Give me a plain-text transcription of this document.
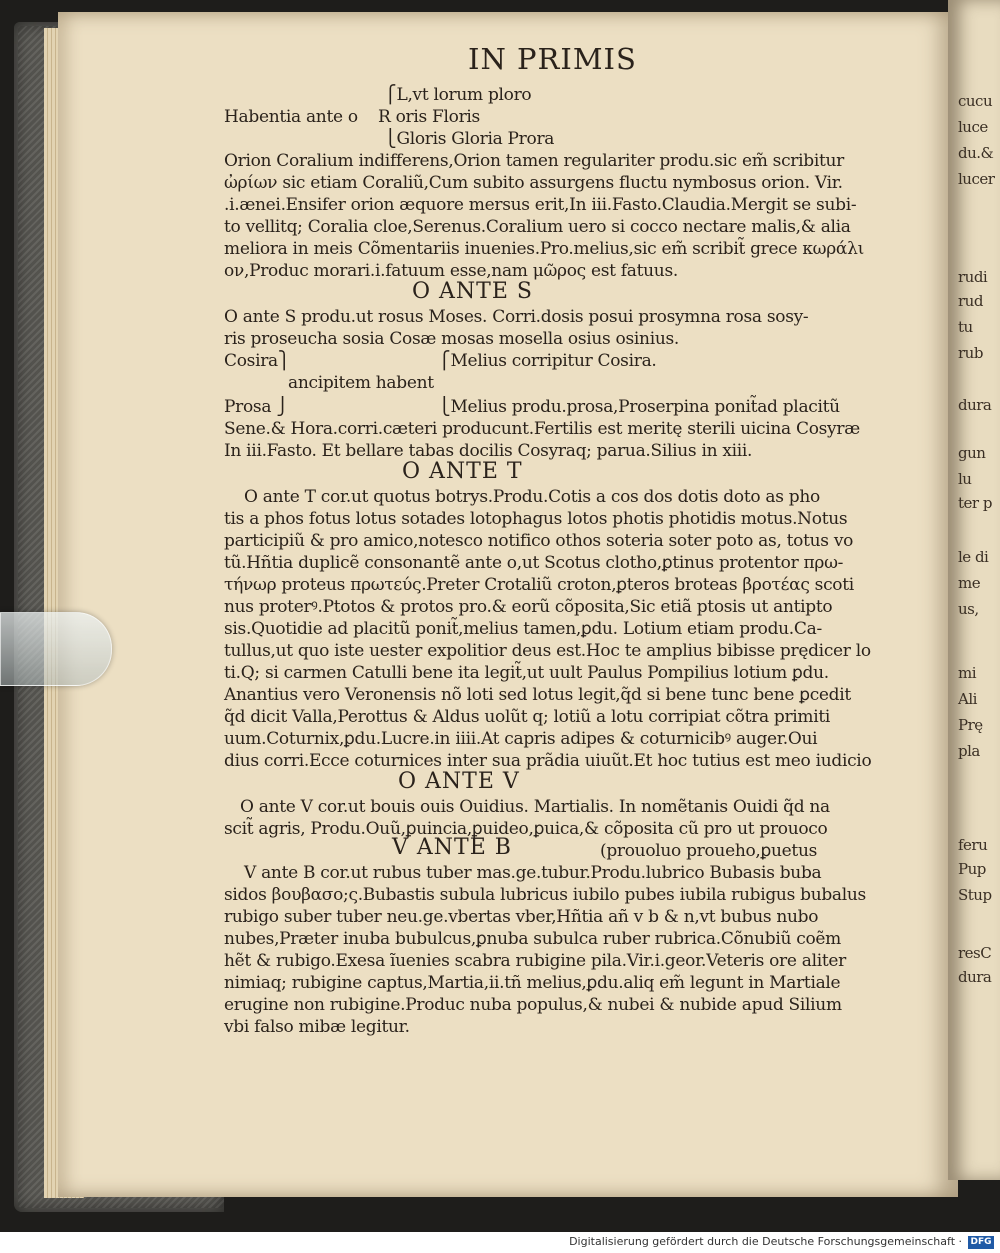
cucu
luce
du.&
lucer
rudi
rud
tu
rub
dura
gun
lu
ter p
le di
me
us,
mi
Ali
Prę
pla
feru
Pup
Stup
resC
dura
IN PRIMIS
⎧L,vt lorum ploro
Habentia ante o R oris Floris
⎩Gloris Gloria Prora
Orion Coralium indifferens,Orion tamen regulariter produ.sic em̃ scribitur
ὠρίων sic etiam Coraliũ,Cum subito assurgens fluctu nymbosus orion. Vir.
.i.ænei.Ensifer orion æquore mersus erit,In iii.Fasto.Claudia.Mergit se subi‑
to vellitq; Coralia cloe,Serenus.Coralium uero si cocco nectare malis,& alia
meliora in meis Cõmentariis inuenies.Pro.melius,sic em̃ scribit̃ grece κωράλι
ον,Produc morari.i.fatuum esse,nam μῶρος est fatuus.
O ante S produ.ut rosus Moses. Corri.dosis posui prosymna rosa sosy‑
ris proseucha sosia Cosæ mosas mosella osius osinius.
Cosira⎫	⎧Melius corripitur Cosira.
ancipitem habent
Prosa ⎭	⎩Melius produ.prosa,Proserpina ponit̃ad placitũ
Sene.& Hora.corri.cæteri producunt.Fertilis est meritę sterili uicina Cosyræ
In iii.Fasto. Et bellare tabas docilis Cosyraq; parua.Silius in xiii.
O ante T cor.ut quotus botrys.Produ.Cotis a cos dos dotis doto as pho
tis a phos fotus lotus sotades lotophagus lotos photis photidis motus.Notus
participiũ & pro amico,notesco notifico othos soteria soter poto as, totus vo
tũ.Hñtia duplicẽ consonantẽ ante o,ut Scotus clotho,ꝑtinus protentor πρω‑
τήνωρ proteus πρωτεύς.Preter Crotaliũ croton,ꝑteros broteas βροτέας scoti
nus proterꝰ.Ptotos & protos pro.& eorũ cõposita,Sic etiã ptosis ut antipto
sis.Quotidie ad placitũ ponit̃,melius tamen,ꝑdu. Lotium etiam produ.Ca‑
tullus,ut quo iste uester expolitior deus est.Hoc te amplius bibisse prędicer lo
ti.Q; si carmen Catulli bene ita legit̃,ut uult Paulus Pompilius lotium ꝑdu.
Anantius vero Veronensis nõ loti sed lotus legit,q̃d si bene tunc bene ꝑcedit
q̃d dicit Valla,Perottus & Aldus uolũt q; lotiũ a lotu corripiat cõtra primiti
uum.Coturnix,ꝑdu.Lucre.in iiii.At capris adipes & coturnicibꝰ auger.Oui
dius corri.Ecce coturnices inter sua prãdia uiuũt.Et hoc tutius est meo iudicio
O ante V cor.ut bouis ouis Ouidius. Martialis. In nomẽtanis Ouidi q̃d na
scit̃ agris, Produ.Ouũ,ꝑuincia,ꝑuideo,ꝑuica,& cõposita cũ pro ut prouoco
(prouoluo proueho,ꝑuetus
V ante B cor.ut rubus tuber mas.ge.tubur.Produ.lubrico Bubasis buba
sidos βουβασο;ς.Bubastis subula lubricus iubilo pubes iubila rubigus bubalus
rubigo suber tuber neu.ge.vbertas vber,Hñtia añ v b & n,vt bubus nubo
nubes,Præter inuba bubulcus,ꝑnuba subulca ruber rubrica.Cõnubiũ coẽm
hẽt & rubigo.Exesa ĩuenies scabra rubigine pila.Vir.i.geor.Veteris ore aliter
nimiaq; rubigine captus,Martia,ii.tñ melius,ꝑdu.aliq em̃ legunt in Martiale
erugine non rubigine.Produc nuba populus,& nubei & nubide apud Silium
vbi falso mibæ legitur.
O ANTE S
O ANTE T
O ANTE V
V ANTE B
Digitalisierung gefördert durch die Deutsche Forschungsgemeinschaft · DFG
